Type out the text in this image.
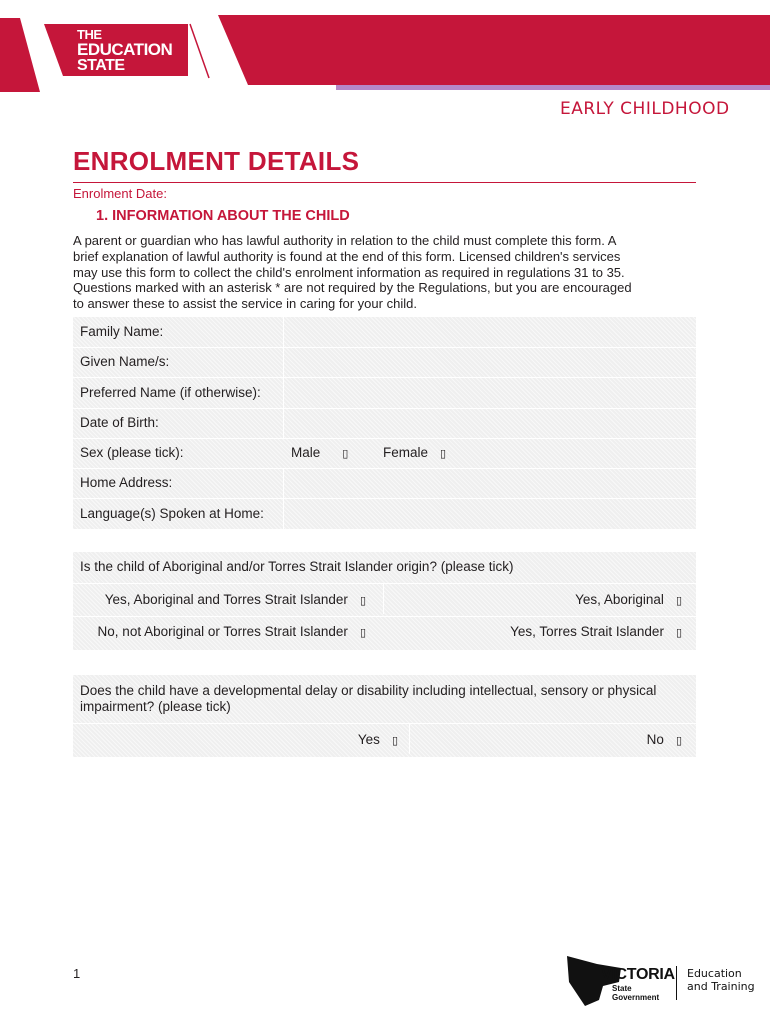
THE
EDUCATION
STATE
EARLY CHILDHOOD
ENROLMENT DETAILS
Enrolment Date:
1. INFORMATION ABOUT THE CHILD

A parent or guardian who has lawful authority in relation to the child must complete this form. A

brief explanation of lawful authority is found at the end of this form. Licensed children's services

may use this form to collect the child's enrolment information as required in regulations 31 to 35.

Questions marked with an asterisk * are not required by the Regulations, but you are encouraged

to answer these to assist the service in caring for your child.

Family Name:
Given Name/s:
Preferred Name (if otherwise):
Date of Birth:
Sex (please tick):	Male ▯	Female ▯
Home Address:
Language(s) Spoken at Home:
Is the child of Aboriginal and/or Torres Strait Islander origin? (please tick)
Yes, Aboriginal and Torres Strait Islander ▯	Yes, Aboriginal ▯
No, not Aboriginal or Torres Strait Islander ▯	Yes, Torres Strait Islander ▯
Does the child have a developmental delay or disability including intellectual, sensory or physical
impairment? (please tick)
Yes ▯	No ▯
1	VICTORIA
State
Government
Education
and Training
